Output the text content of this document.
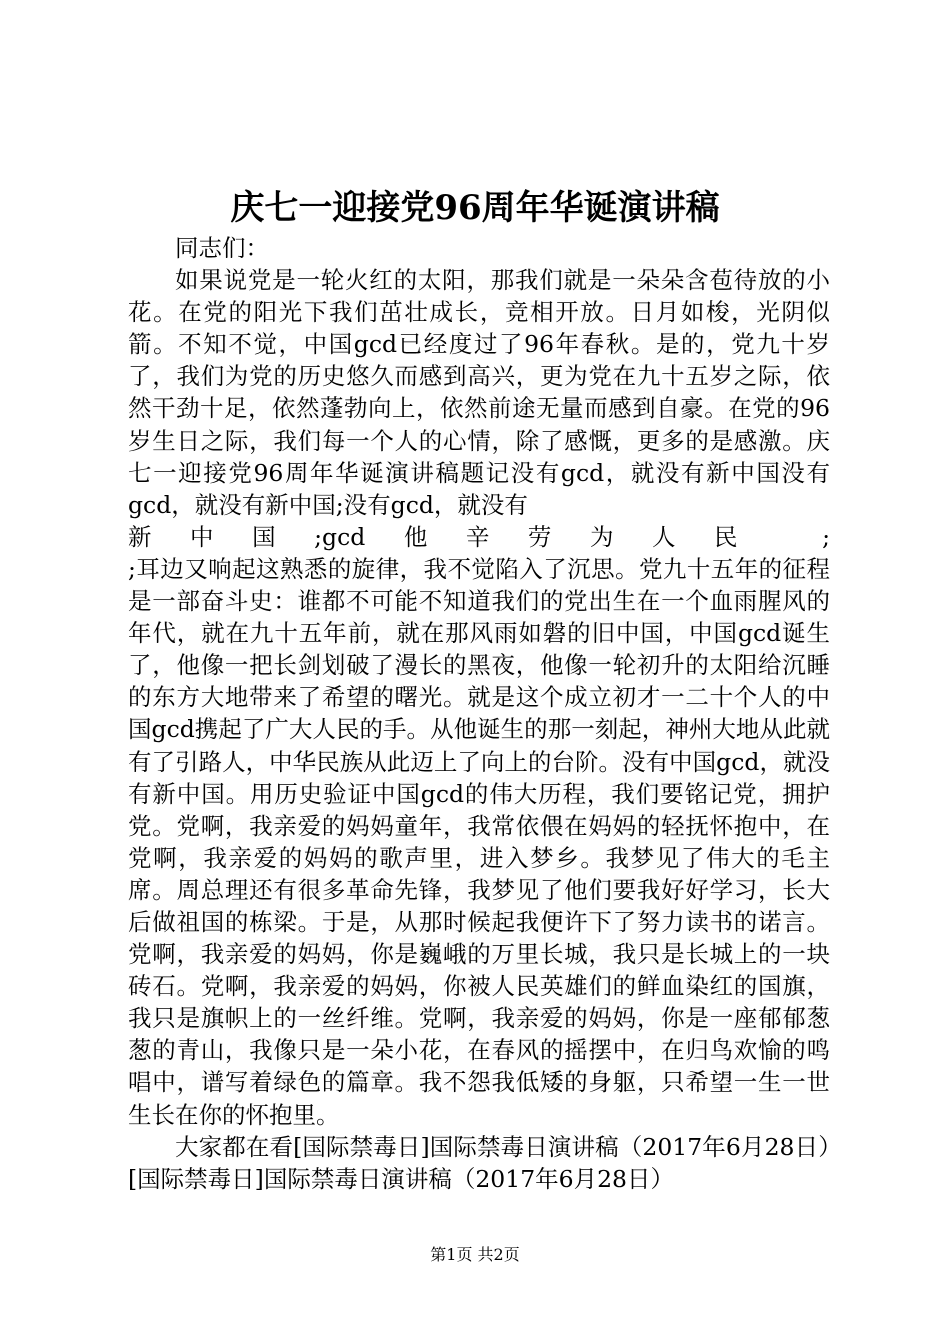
庆七一迎接党96周年华诞演讲稿

同志们：

如果说党是一轮火红的太阳，那我们就是一朵朵含苞待放的小花。在党的阳光下我们茁壮成长，竞相开放。日月如梭，光阴似箭。不知不觉，中国gcd已经度过了96年春秋。是的，党九十岁了，我们为党的历史悠久而感到高兴，更为党在九十五岁之际，依然干劲十足，依然蓬勃向上，依然前途无量而感到自豪。在党的96岁生日之际，我们每一个人的心情，除了感慨，更多的是感激。庆七一迎接党96周年华诞演讲稿题记没有gcd，就没有新中国没有gcd，就没有新中国;没有gcd，就没有

新中国;gcd他辛劳为人民 ;

;耳边又响起这熟悉的旋律，我不觉陷入了沉思。党九十五年的征程是一部奋斗史：谁都不可能不知道我们的党出生在一个血雨腥风的年代，就在九十五年前，就在那风雨如磐的旧中国，中国gcd诞生了，他像一把长剑划破了漫长的黑夜，他像一轮初升的太阳给沉睡的东方大地带来了希望的曙光。就是这个成立初才一二十个人的中国gcd携起了广大人民的手。从他诞生的那一刻起，神州大地从此就有了引路人，中华民族从此迈上了向上的台阶。没有中国gcd，就没有新中国。用历史验证中国gcd的伟大历程，我们要铭记党，拥护党。党啊，我亲爱的妈妈童年，我常依偎在妈妈的轻抚怀抱中，在党啊，我亲爱的妈妈的歌声里，进入梦乡。我梦见了伟大的毛主席。周总理还有很多革命先锋，我梦见了他们要我好好学习，长大后做祖国的栋梁。于是，从那时候起我便许下了努力读书的诺言。党啊，我亲爱的妈妈，你是巍峨的万里长城，我只是长城上的一块砖石。党啊，我亲爱的妈妈，你被人民英雄们的鲜血染红的国旗，我只是旗帜上的一丝纤维。党啊，我亲爱的妈妈，你是一座郁郁葱葱的青山，我像只是一朵小花，在春风的摇摆中，在归鸟欢愉的鸣唱中，谱写着绿色的篇章。我不怨我低矮的身躯，只希望一生一世生长在你的怀抱里。

大家都在看[国际禁毒日]国际禁毒日演讲稿（2017年6月28日）[国际禁毒日]国际禁毒日演讲稿（2017年6月28日）

第1页 共2页
